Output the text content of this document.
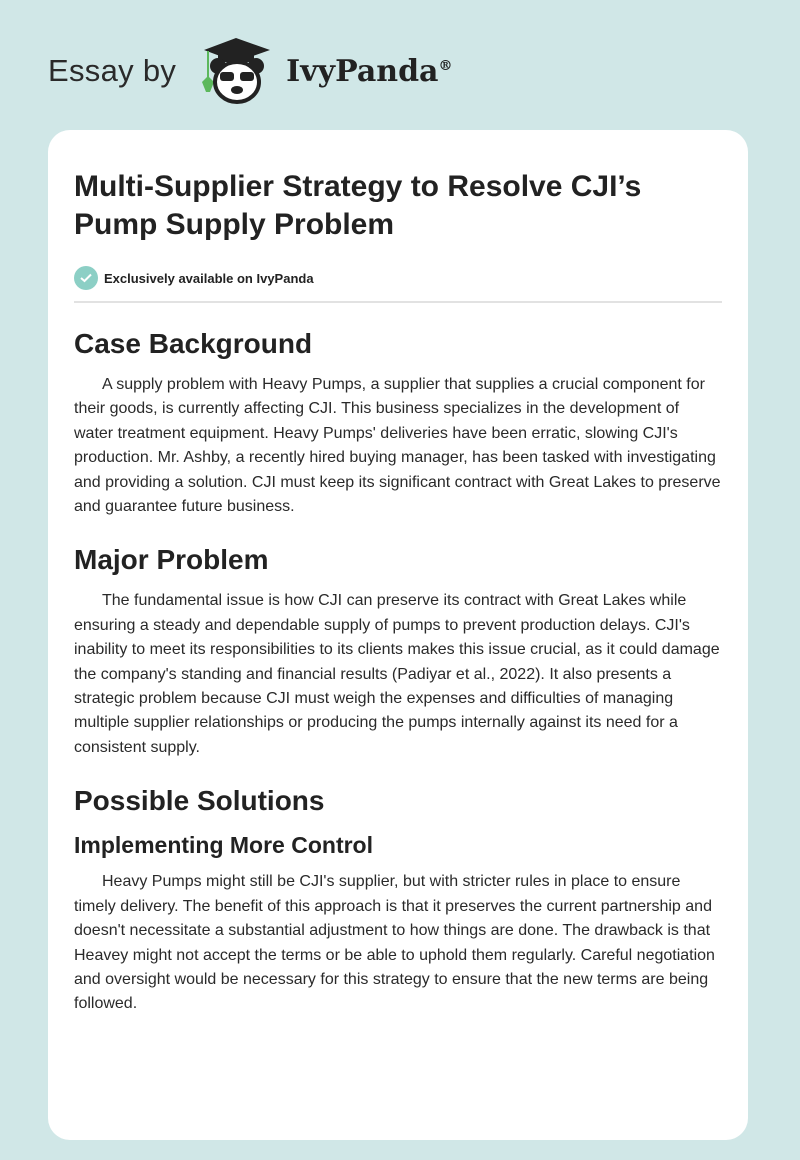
Essay by	IvyPanda®
Multi-Supplier Strategy to Resolve CJI’s Pump Supply Problem
Exclusively available on IvyPanda
Case Background

A supply problem with Heavy Pumps, a supplier that supplies a crucial component for their goods, is currently affecting CJI. This business specializes in the development of water treatment equipment. Heavy Pumps' deliveries have been erratic, slowing CJI's production. Mr. Ashby, a recently hired buying manager, has been tasked with investigating and providing a solution. CJI must keep its significant contract with Great Lakes to preserve and guarantee future business.

Major Problem

The fundamental issue is how CJI can preserve its contract with Great Lakes while ensuring a steady and dependable supply of pumps to prevent production delays. CJI's inability to meet its responsibilities to its clients makes this issue crucial, as it could damage the company's standing and financial results (Padiyar et al., 2022). It also presents a strategic problem because CJI must weigh the expenses and difficulties of managing multiple supplier relationships or producing the pumps internally against its need for a consistent supply.

Possible Solutions
Implementing More Control

Heavy Pumps might still be CJI's supplier, but with stricter rules in place to ensure timely delivery. The benefit of this approach is that it preserves the current partnership and doesn't necessitate a substantial adjustment to how things are done. The drawback is that Heavey might not accept the terms or be able to uphold them regularly. Careful negotiation and oversight would be necessary for this strategy to ensure that the new terms are being followed.
